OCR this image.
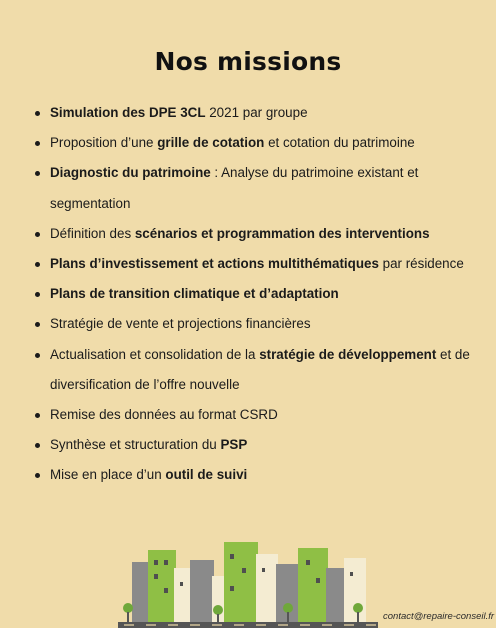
Nos missions
Simulation des DPE 3CL 2021 par groupe
Proposition d’une grille de cotation et cotation du patrimoine
Diagnostic du patrimoine : Analyse du patrimoine existant et segmentation
Définition des scénarios et programmation des interventions
Plans d’investissement et actions multithématiques par résidence
Plans de transition climatique et d’adaptation
Stratégie de vente et projections financières
Actualisation et consolidation de la stratégie de développement et de diversification de l’offre nouvelle
Remise des données au format CSRD
Synthèse et structuration du PSP
Mise en place d’un outil de suivi
contact@repaire-conseil.fr
